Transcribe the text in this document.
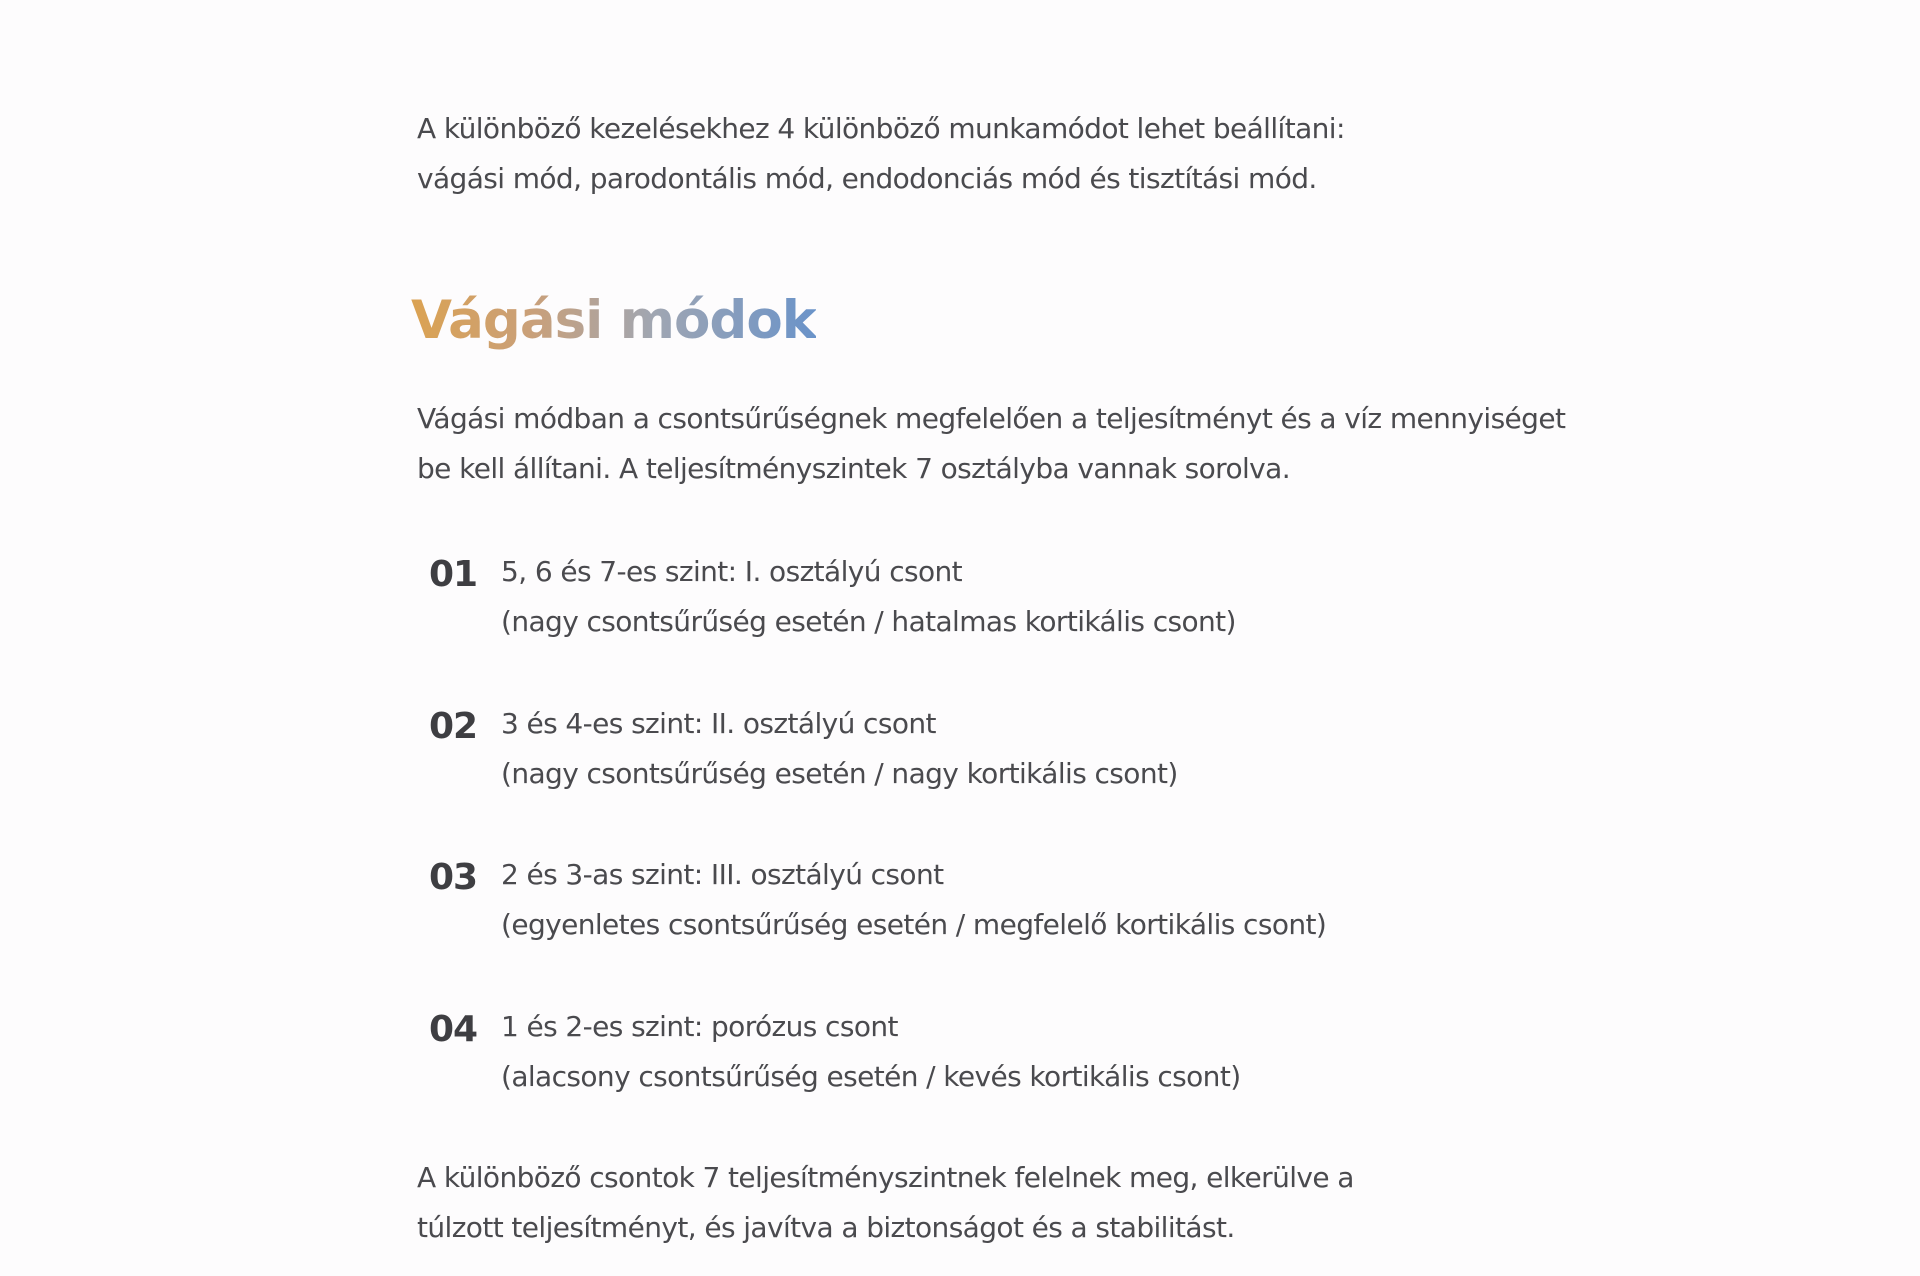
A különböző kezelésekhez 4 különböző munkamódot lehet beállítani:
vágási mód, parodontális mód, endodonciás mód és tisztítási mód.

Vágási módok

Vágási módban a csontsűrűségnek megfelelően a teljesítményt és a víz mennyiséget
be kell állítani. A teljesítményszintek 7 osztályba vannak sorolva.

01 5, 6 és 7-es szint: I. osztályú csont
(nagy csontsűrűség esetén / hatalmas kortikális csont)
02 3 és 4-es szint: II. osztályú csont
(nagy csontsűrűség esetén / nagy kortikális csont)
03 2 és 3-as szint: III. osztályú csont
(egyenletes csontsűrűség esetén / megfelelő kortikális csont)
04 1 és 2-es szint: porózus csont
(alacsony csontsűrűség esetén / kevés kortikális csont)

A különböző csontok 7 teljesítményszintnek felelnek meg, elkerülve a
túlzott teljesítményt, és javítva a biztonságot és a stabilitást.
